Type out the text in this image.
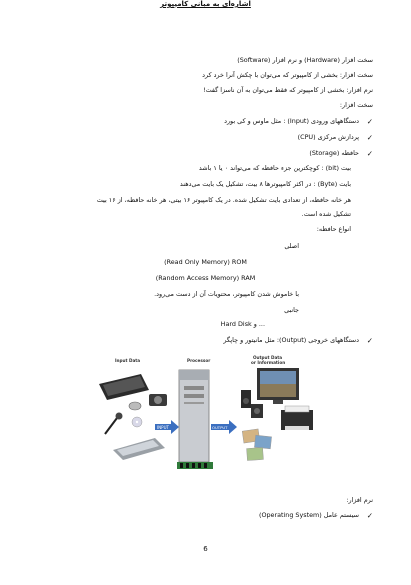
اشاره‌ای به مبانی کامپیوتر
سخت افزار (Hardware) و نرم افزار (Software)
سخت افزار: بخشی از کامپیوتر که می‌توان با چکش آنرا خرد کرد
نرم افزار: بخشی از کامپیوتر که فقط می‌توان به آن ناسزا گفت!
سخت افزار:
✓
دستگاههای ورودی (Input) : مثل ماوس و کی بورد
✓
پردازش مرکزی (CPU)
✓
حافظه (Storage)
بیت (bit) : کوچکترین جزء حافظه که می‌تواند ۰ یا ۱ باشد
بایت (Byte) : در اکثر کامپیوترها ۸ بیت، تشکیل یک بایت می‌دهند
هر خانه حافظه، از تعدادی بایت تشکیل شده. در یک کامپیوتر ۱۶ بیتی، هر خانه حافظه، از ۱۶ بیت
تشکیل شده است.
انواع حافظه:
اصلی
(Read Only Memory) ROM
(Random Access Memory) RAM
با خاموش شدن کامپیوتر، محتویات آن از دست می‌رود.
جانبی
Hard Disk و ...
✓
دستگاههای خروجی (Output): مثل مانیتور و چاپگر
Input Data	Processor
Output Data
or Information
INPUT	OUTPUT
نرم افزار:
✓
سیستم عامل (Operating System)
6
